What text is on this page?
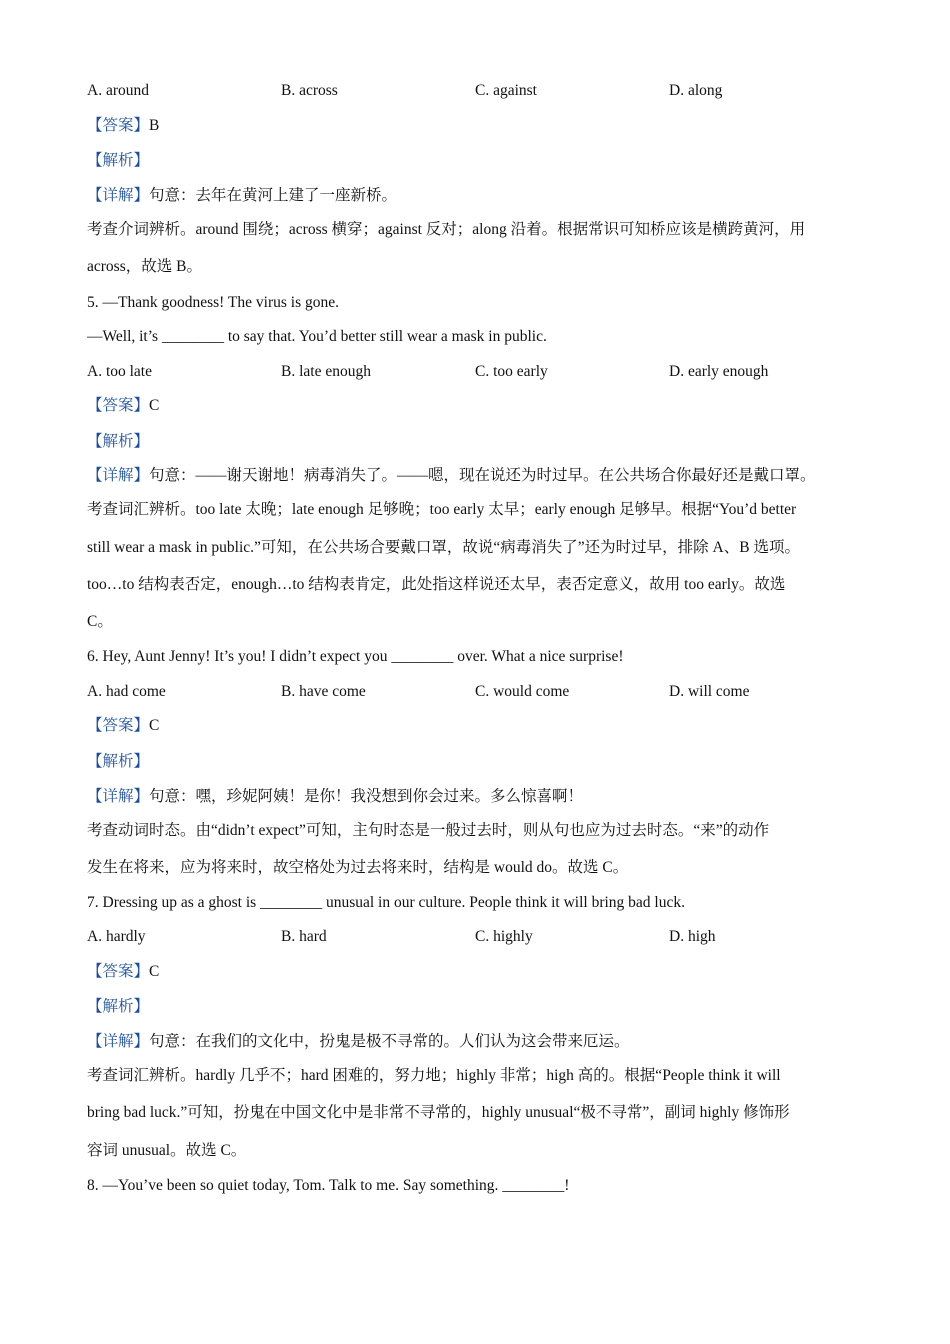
A. around	B. across	C. against	D. along
【答案】B
【解析】
【详解】句意：去年在黄河上建了一座新桥。
考查介词辨析。around 围绕；across 横穿；against 反对；along 沿着。根据常识可知桥应该是横跨黄河，用
across，故选 B。
5. —Thank goodness! The virus is gone.
—Well, it’s ________ to say that. You’d better still wear a mask in public.
A. too late	B. late enough	C. too early	D. early enough
【答案】C
【解析】
【详解】句意：——谢天谢地！病毒消失了。——嗯，现在说还为时过早。在公共场合你最好还是戴口罩。
考查词汇辨析。too late 太晚；late enough 足够晚；too early 太早；early enough 足够早。根据“You’d better
still wear a mask in public.”可知，在公共场合要戴口罩，故说“病毒消失了”还为时过早，排除 A、B 选项。
too…to 结构表否定，enough…to 结构表肯定，此处指这样说还太早，表否定意义，故用 too early。故选
C。
6. Hey, Aunt Jenny! It’s you! I didn’t expect you ________ over. What a nice surprise!
A. had come	B. have come	C. would come	D. will come
【答案】C
【解析】
【详解】句意：嘿，珍妮阿姨！是你！我没想到你会过来。多么惊喜啊！
考查动词时态。由“didn’t expect”可知，主句时态是一般过去时，则从句也应为过去时态。“来”的动作
发生在将来，应为将来时，故空格处为过去将来时，结构是 would do。故选 C。
7. Dressing up as a ghost is ________ unusual in our culture. People think it will bring bad luck.
A. hardly	B. hard	C. highly	D. high
【答案】C
【解析】
【详解】句意：在我们的文化中，扮鬼是极不寻常的。人们认为这会带来厄运。
考查词汇辨析。hardly 几乎不；hard 困难的，努力地；highly 非常；high 高的。根据“People think it will
bring bad luck.”可知，扮鬼在中国文化中是非常不寻常的，highly unusual“极不寻常”，副词 highly 修饰形
容词 unusual。故选 C。
8. —You’ve been so quiet today, Tom. Talk to me. Say something. ________!
